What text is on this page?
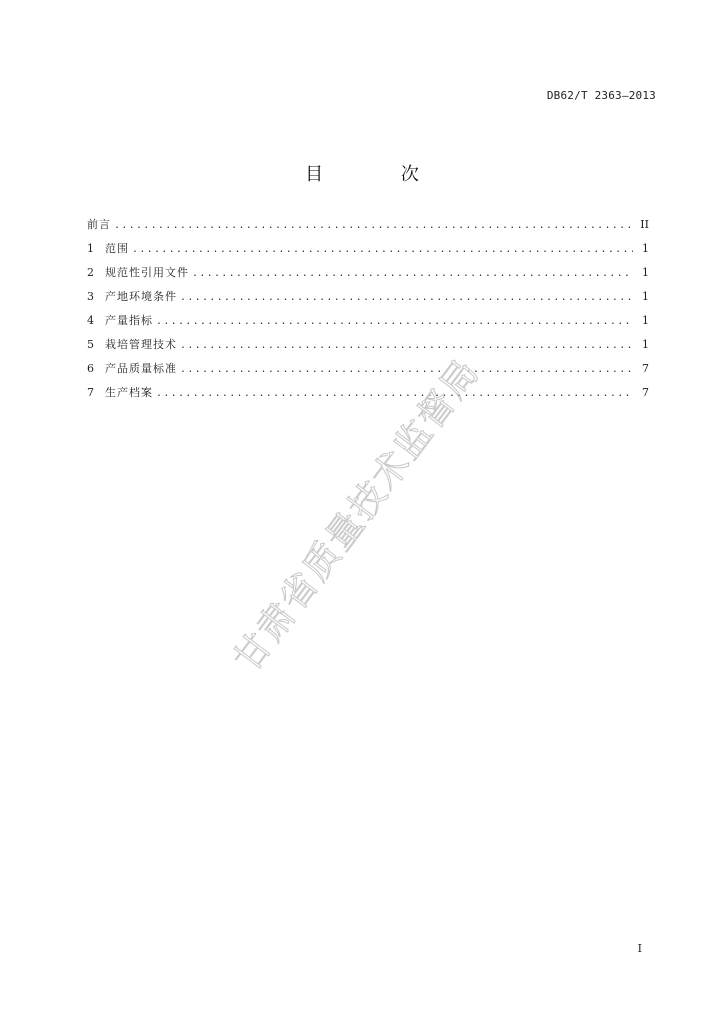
DB62/T 2363—2013
目 次
前言 .....	II
1	范围 .....	1
2	规范性引用文件 .....	1
3	产地环境条件 .....	1
4	产量指标 .....	1
5	栽培管理技术 .....	1
6	产品质量标准 .....	7
7	生产档案 .....	7
甘肃省质量技术监督局
I
